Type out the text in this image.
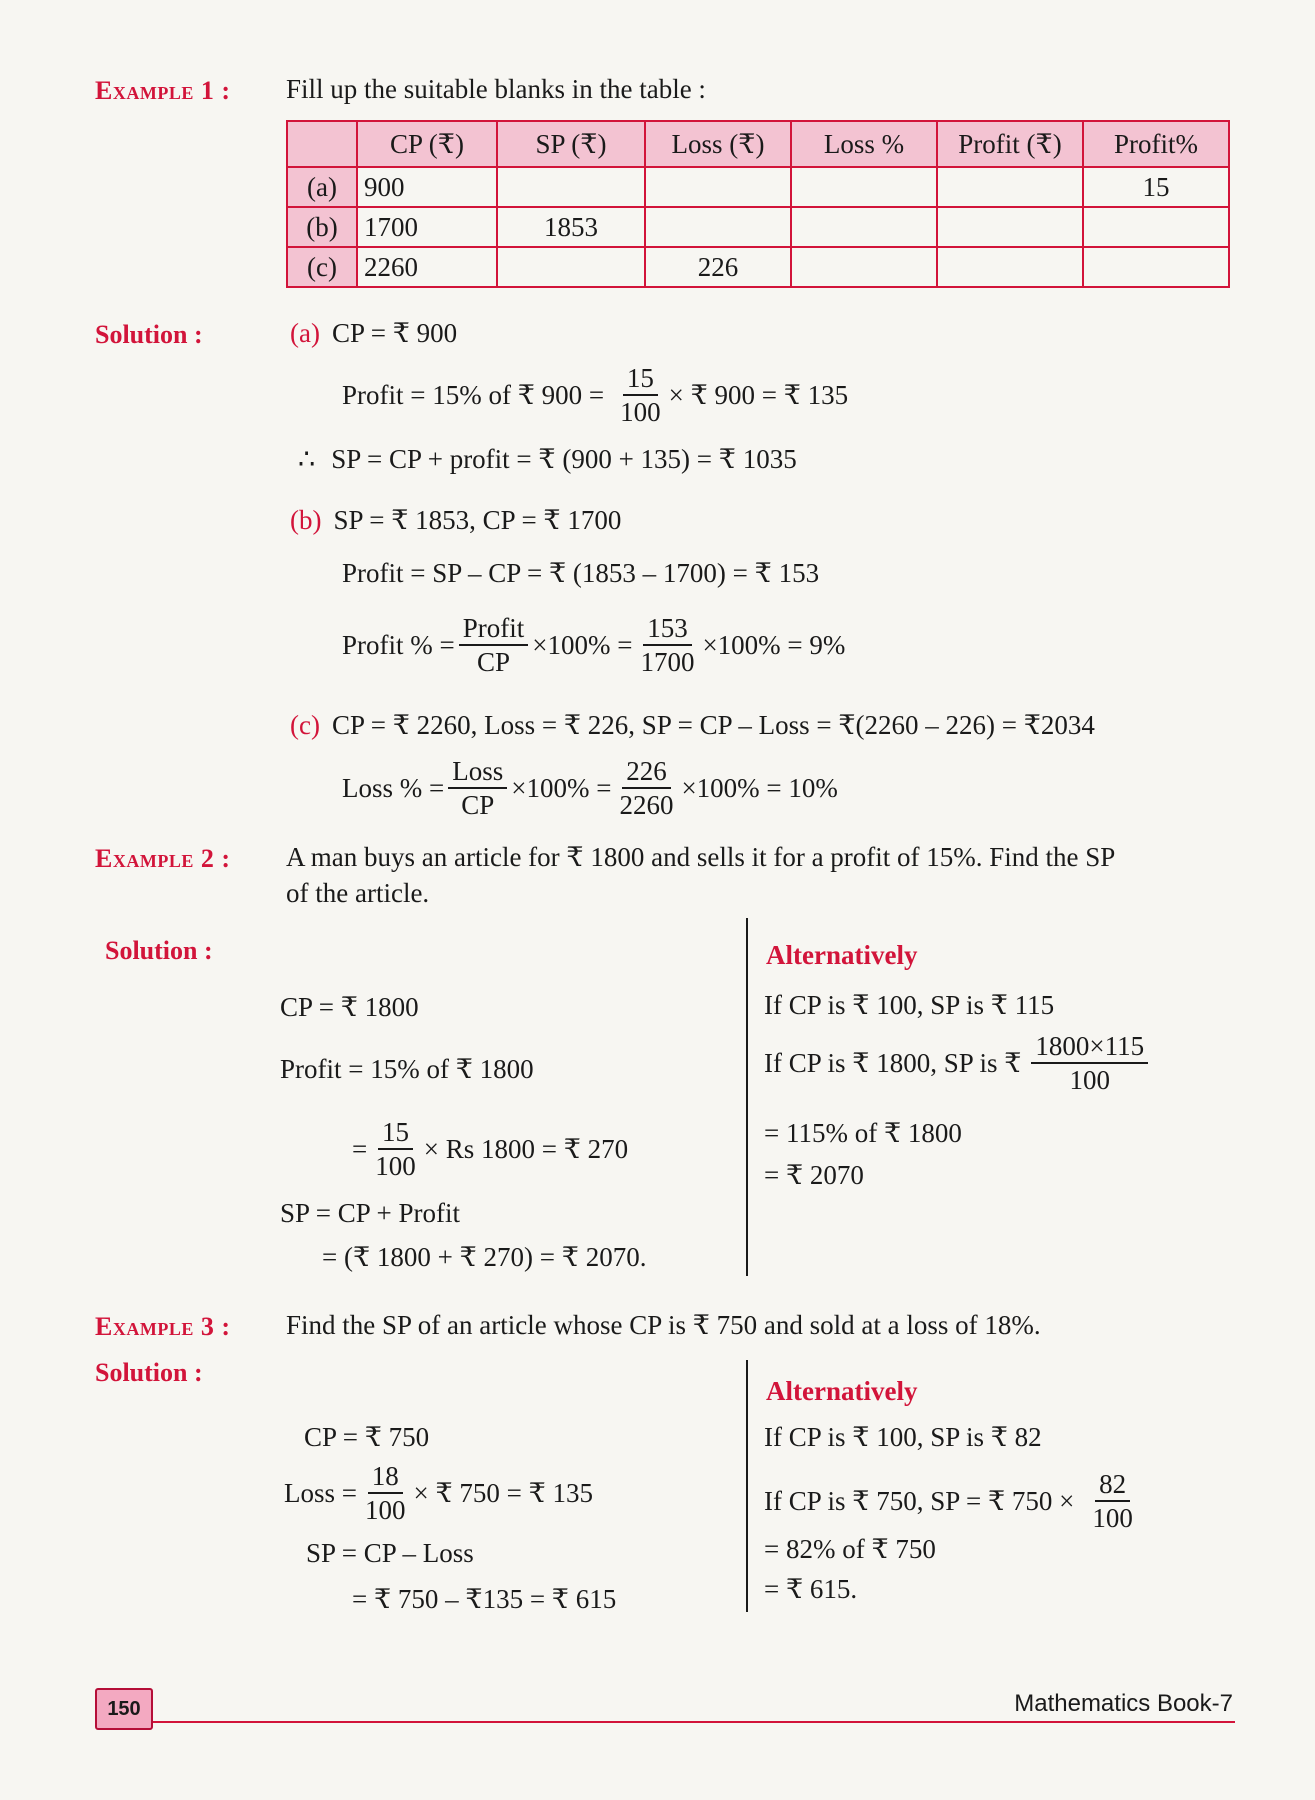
Example 1 : Fill up the suitable blanks in the table :
	CP (₹)	SP (₹)	Loss (₹)	Loss %	Profit (₹)	Profit%
(a)	900					15
(b)	1700	1853				
(c)	2260		226			
Solution :	(a) CP = ₹ 900
Profit = 15% of ₹ $900 = \frac{15}{100}$ × ₹ 900 = ₹ 135
∴ SP = CP + profit = ₹ (900 + 135) = ₹ 1035
(b) SP = ₹ 1853, CP = ₹ 1700
Profit = SP – CP = ₹ (1853 – 1700) = ₹ 153
Profit % = $\frac{\text{Profit}}{CP} \times 100\% = \frac{153}{1700} \times 100\% = 9\%$
(c) CP = ₹ 2260, Loss = ₹ 226, SP = CP – Loss = ₹(2260 – 226) = ₹2034
Loss % = $\frac{\text{Loss}}{CP} \times 100\% = \frac{226}{2260} \times 100\% = 10\%$
Example 2 : A man buys an article for ₹ 1800 and sells it for a profit of 15%. Find the SP
of the article.
Solution :
CP = ₹ 1800
Profit = 15% of ₹ 1800
= $\frac{15}{100} \times Rs$ 1800 = ₹ 270
SP = CP + Profit
= (₹ 1800 + ₹ 270) = ₹ 2070.
Alternatively
If CP is ₹ 100, SP is ₹ 115
If CP is ₹ 1800, SP is ₹ $\frac{1800\times 115}{100}$
= 115% of ₹ 1800
= ₹ 2070
Example 3 : Find the SP of an article whose CP is ₹ 750 and sold at a loss of 18%.
Solution :
CP = ₹ 750
Loss = $\frac{18}{100}$ × ₹ 750 = ₹ 135
SP = CP – Loss
= ₹ 750 – ₹135 = ₹ 615
Alternatively
If CP is ₹ 100, SP is ₹ 82
If CP is ₹ 750, SP = ₹ $750 \times \frac{82}{100}$
= 82% of ₹ 750
= ₹ 615.
150	Mathematics Book-7
